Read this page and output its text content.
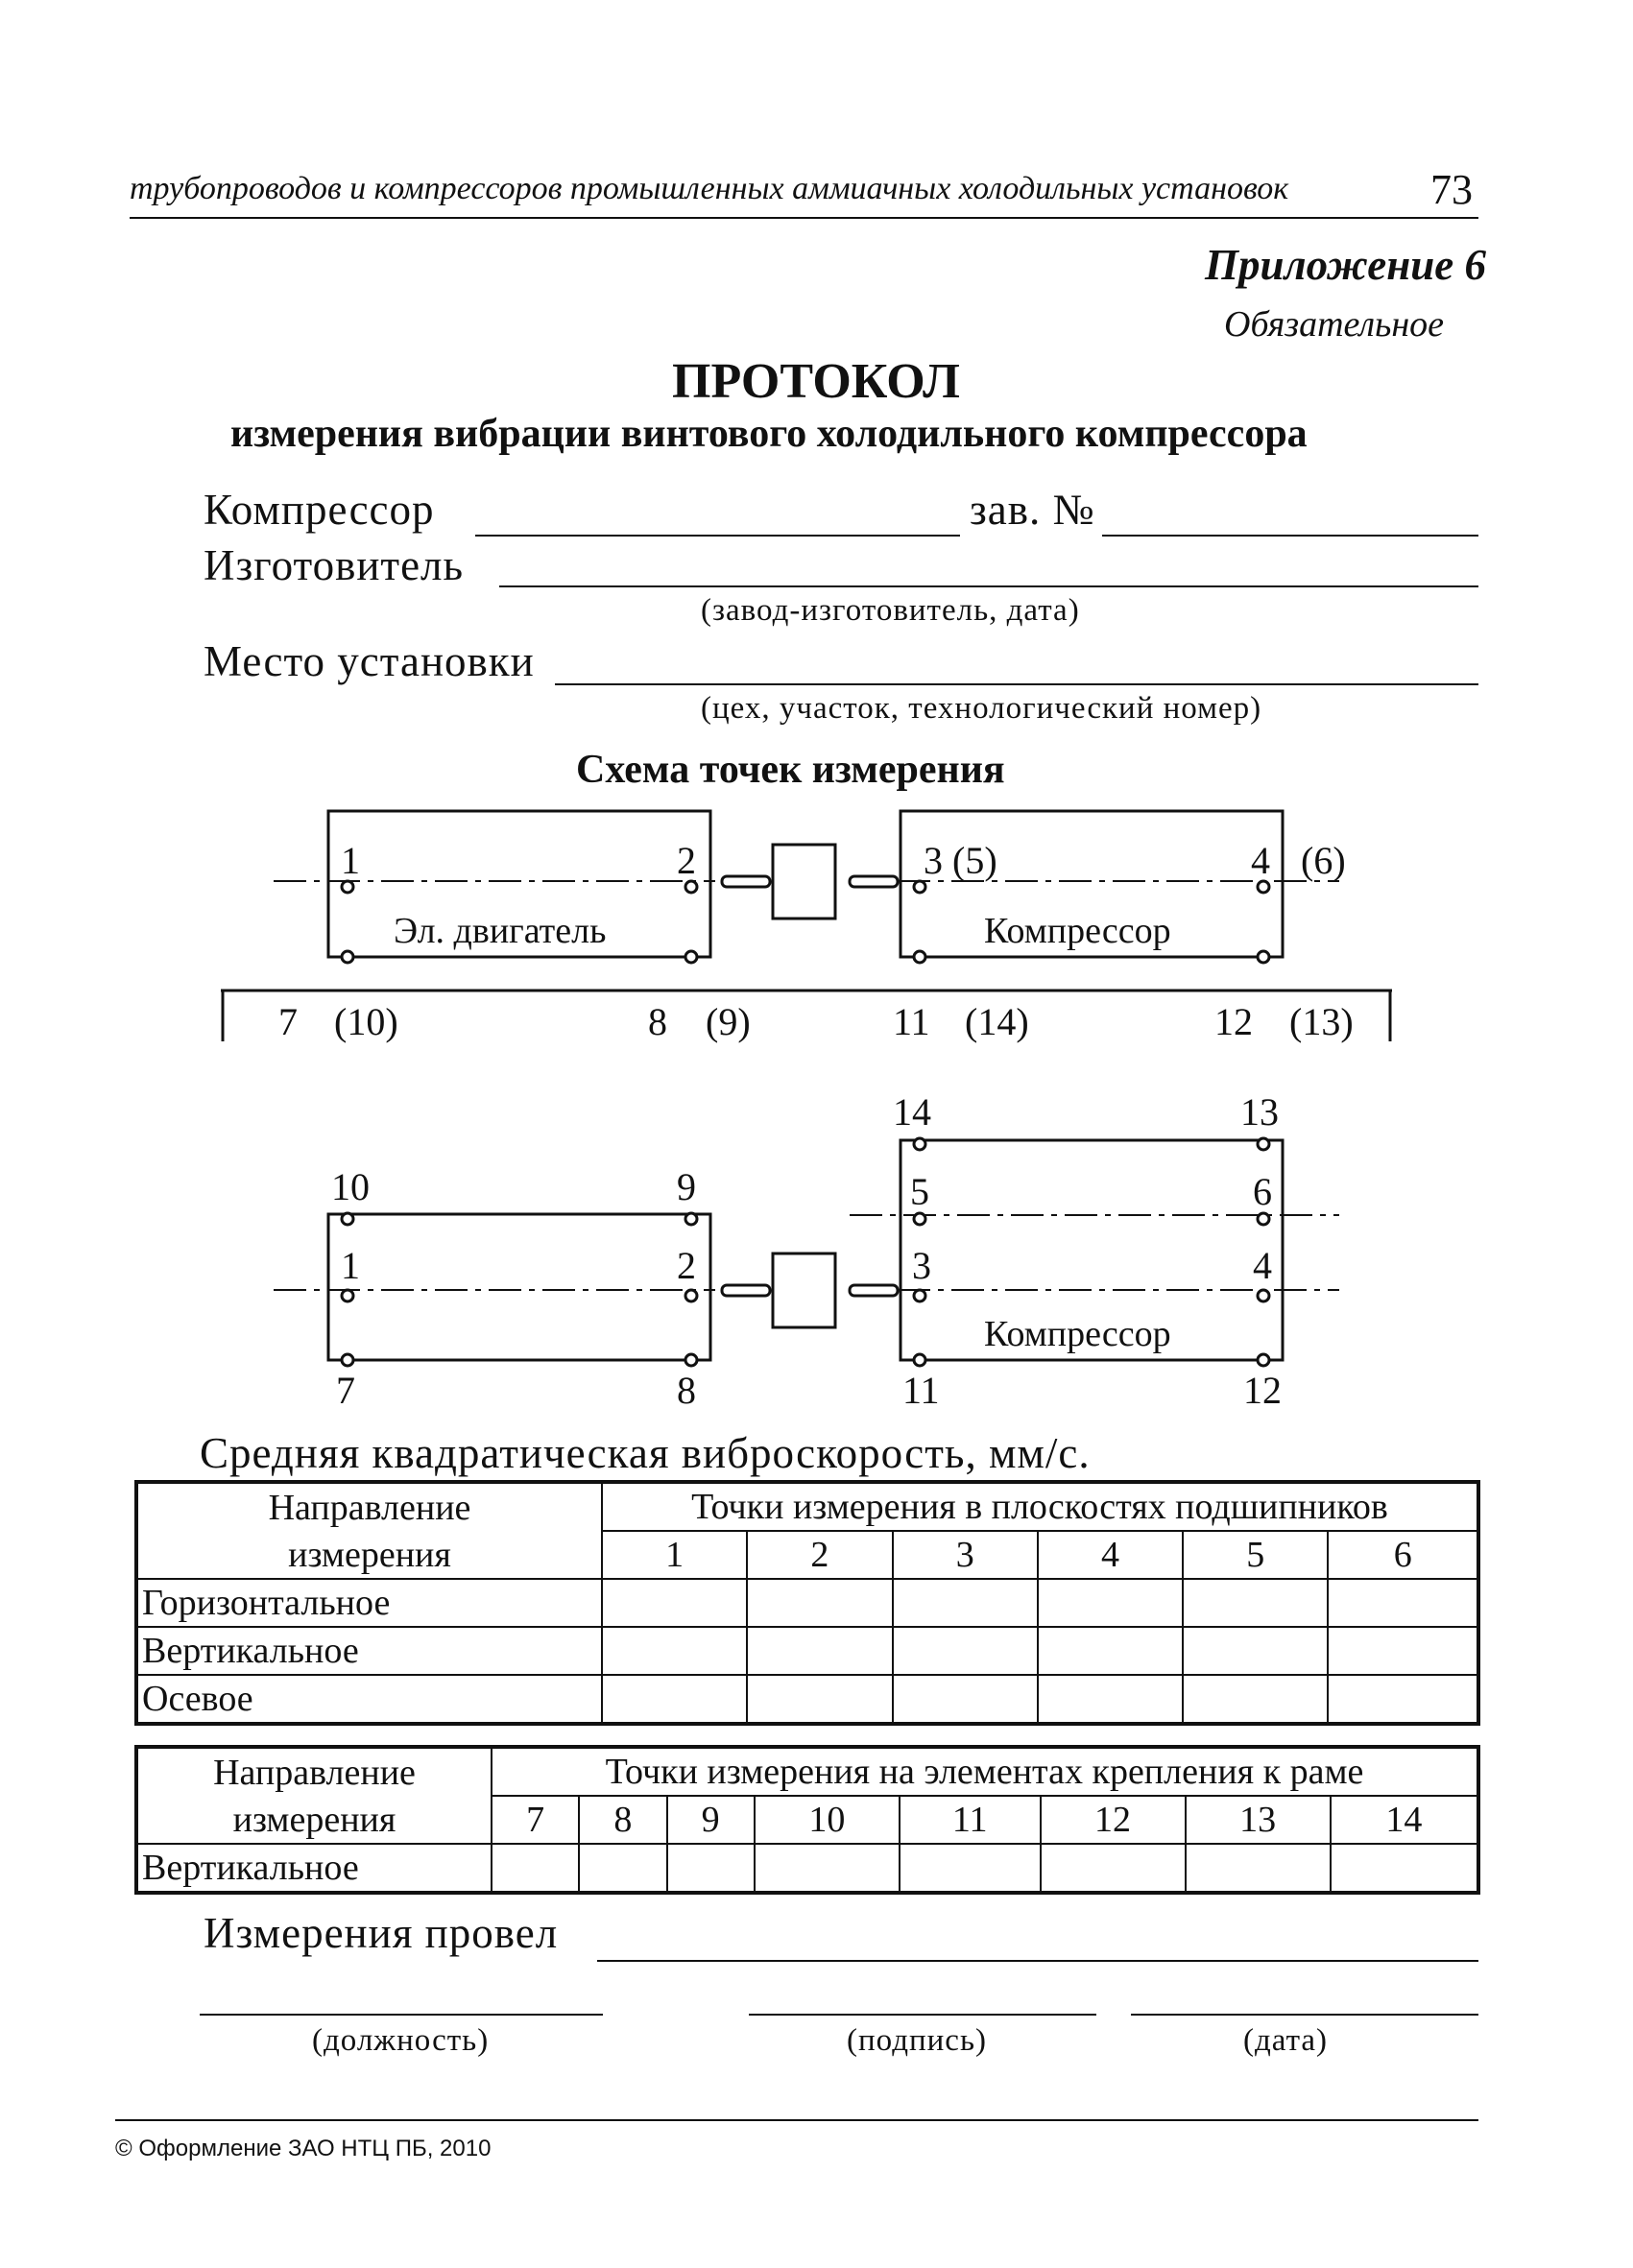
трубопроводов и компрессоров промышленных аммиачных холодильных установок	73
Приложение 6
Обязательное
ПРОТОКОЛ
измерения вибрации винтового холодильного компрессора
Компрессор	зав. №
Изготовитель
(завод-изготовитель, дата)
Место установки
(цех, участок, технологический номер)
Схема точек измерения
Эл. двигатель	Компрессор
Компрессор
1	2	3 (5)	4 (6)
7 (10)	8 (9)	11 (14)	12 (13)
14	13
10	9	5	6
1	2	3	4
7	8	11	12
Средняя квадратическая виброскорость, мм/с.
Направление	Точки измерения в плоскостях подшипников					
измерения	1	2	3	4	5	6
Горизонтальное						
Вертикальное						
Осевое						
Направление	Точки измерения на элементах крепления к раме							
измерения	7	8	9	10	11	12	13	14
Вертикальное								
Измерения провел
(должность)	(подпись)	(дата)
© Оформление ЗАО НТЦ ПБ, 2010
